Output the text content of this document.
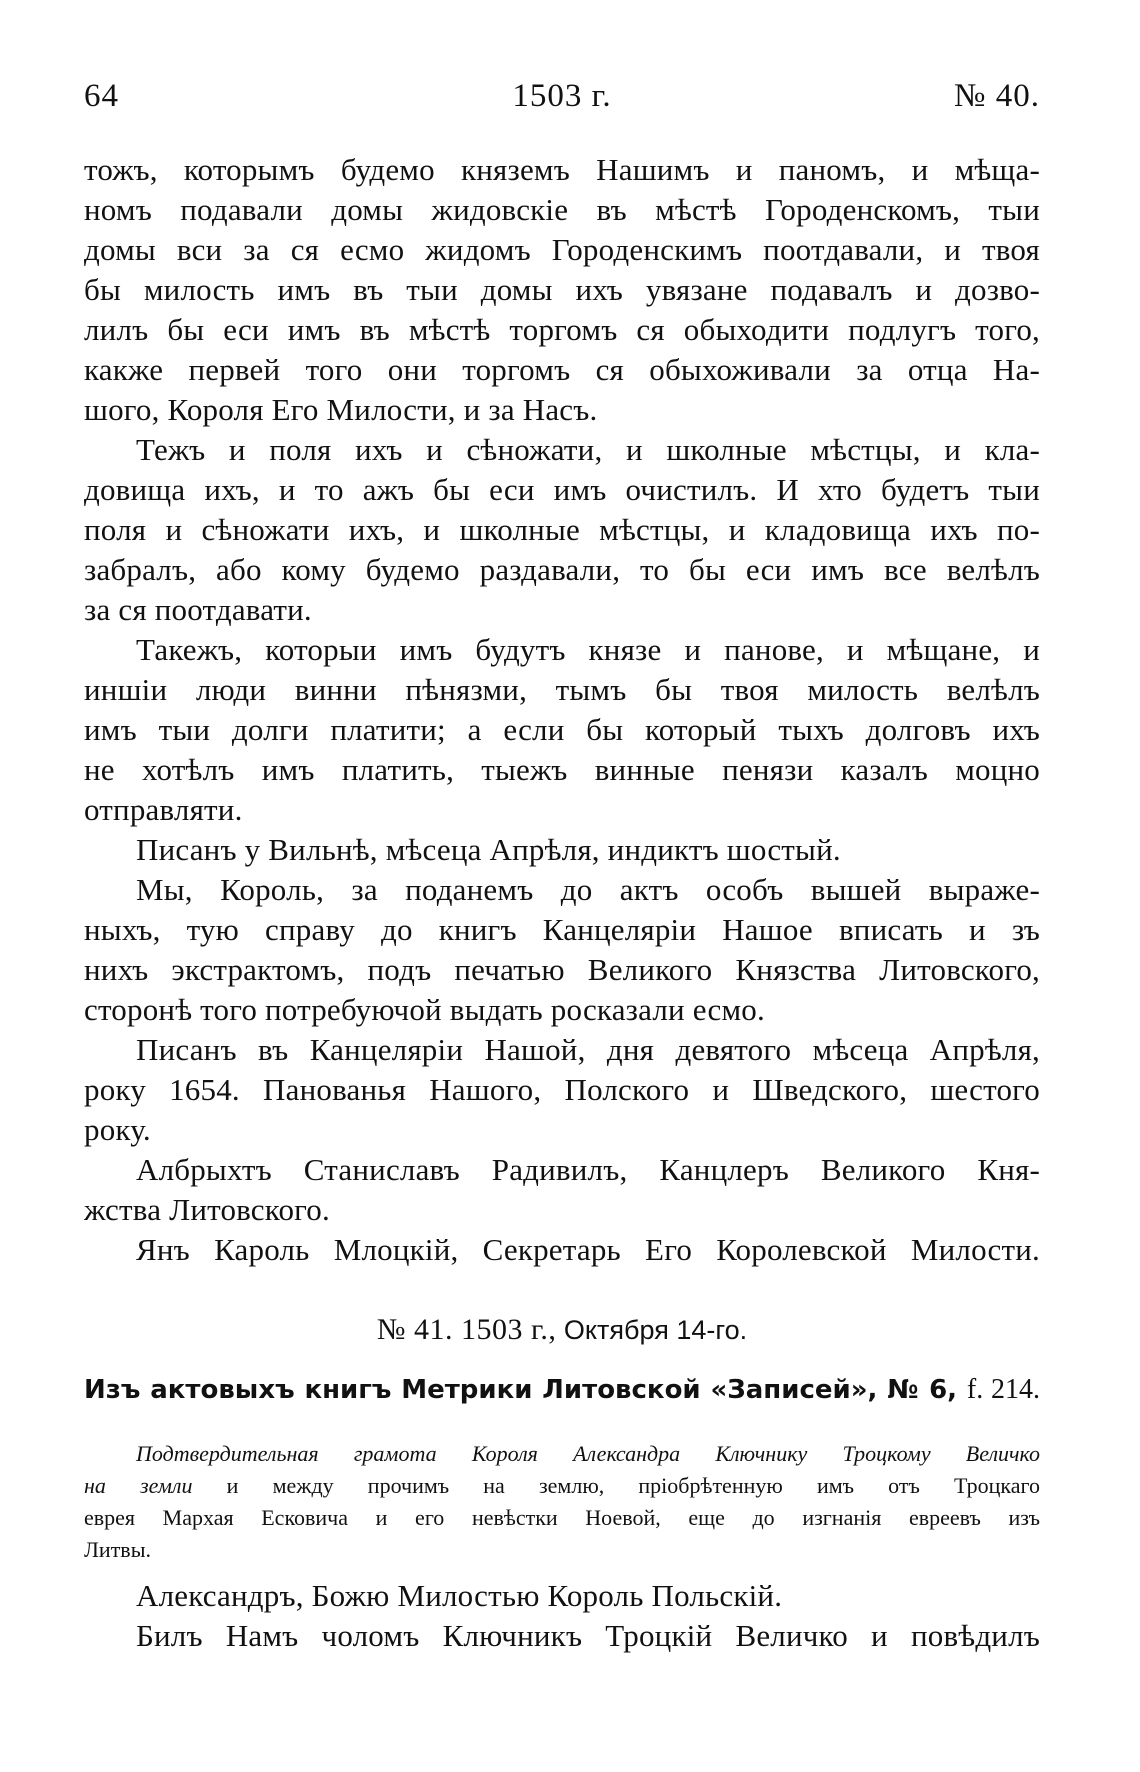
64	1503 г.	№ 40.
тожъ, которымъ будемо княземъ Нашимъ и паномъ, и мѣща-
номъ подавали домы жидовскіе въ мѣстѣ Городенскомъ, тыи
домы вси за ся есмо жидомъ Городенскимъ поотдавали, и твоя
бы милость имъ въ тыи домы ихъ увязане подавалъ и дозво-
лилъ бы еси имъ въ мѣстѣ торгомъ ся обыходити подлугъ того,
какже первей того они торгомъ ся обыхоживали за отца На-
шого, Короля Его Милости, и за Насъ.
Тежъ и поля ихъ и сѣножати, и школные мѣстцы, и кла-
довища ихъ, и то ажъ бы еси имъ очистилъ. И хто будетъ тыи
поля и сѣножати ихъ, и школные мѣстцы, и кладовища ихъ по-
забралъ, або кому будемо раздавали, то бы еси имъ все велѣлъ
за ся поотдавати.
Такежъ, которыи имъ будутъ князе и панове, и мѣщане, и
иншіи люди винни пѣнязми, тымъ бы твоя милость велѣлъ
имъ тыи долги платити; а если бы который тыхъ долговъ ихъ
не хотѣлъ имъ платить, тыежъ винные пенязи казалъ моцно
отправляти.
Писанъ у Вильнѣ, мѣсеца Апрѣля, индиктъ шостый.
Мы, Король, за поданемъ до актъ особъ вышей выраже-
ныхъ, тую справу до книгъ Канцеляріи Нашое вписать и зъ
нихъ экстрактомъ, подъ печатью Великого Князства Литовского,
сторонѣ того потребуючой выдать росказали есмо.
Писанъ въ Канцеляріи Нашой, дня девятого мѣсеца Апрѣля,
року 1654. Панованья Нашого, Полского и Шведского, шестого
року.
Албрыхтъ Станиславъ Радивилъ, Канцлеръ Великого Кня-
жства Литовского.
Янъ Кароль Млоцкій, Секретарь Его Королевской Милости.
№ 41. 1503 г., Октября 14-го.
Изъ актовыхъ книгъ Метрики Литовской «Записей», № 6, f. 214.
Подтвердительная грамота Короля Александра Ключнику Троцкому Величко
на земли и между прочимъ на землю, пріобрѣтенную имъ отъ Троцкаго
еврея Мархая Есковича и его невѣстки Ноевой, еще до изгнанія евреевъ изъ
Литвы.
Александръ, Божю Милостью Король Польскій.
Билъ Намъ чоломъ Ключникъ Троцкій Величко и повѣдилъ
